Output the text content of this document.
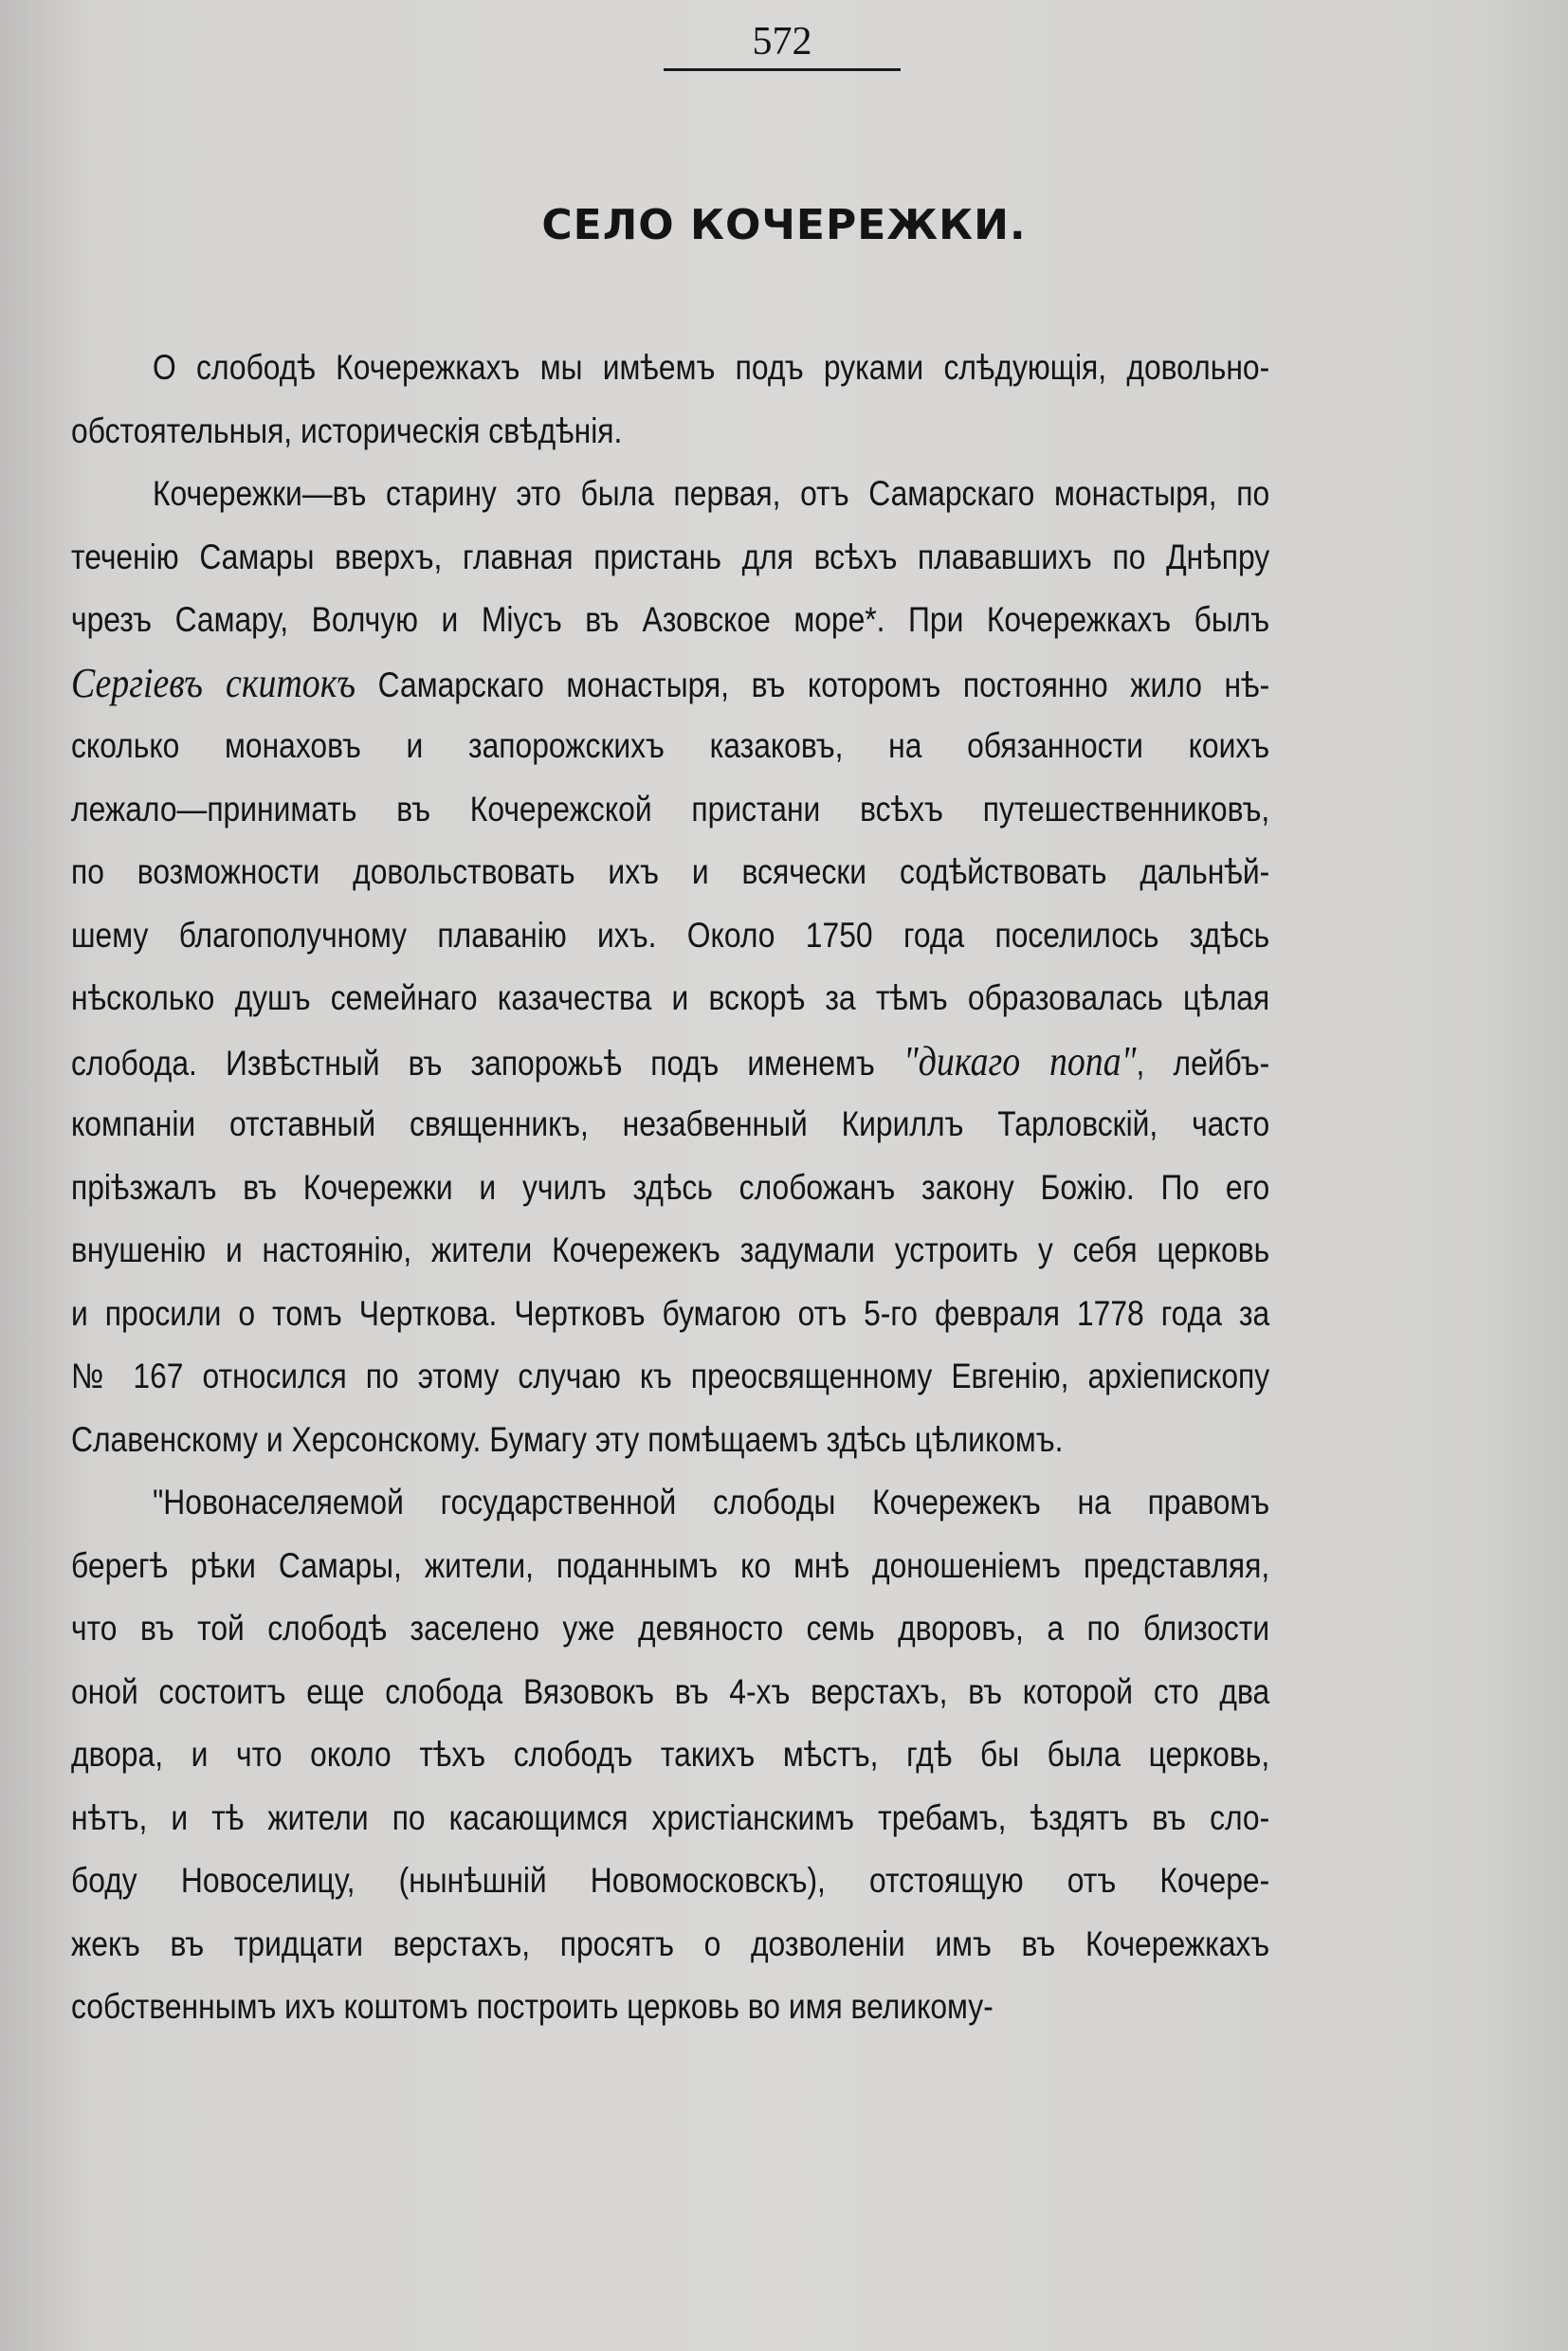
572
СЕЛО КОЧЕРЕЖКИ.
О слободѣ Кочережкахъ мы имѣемъ подъ руками слѣдующія, довольно-
обстоятельныя, историческія свѣдѣнія.
Кочережки—въ старину это была первая, отъ Самарскаго монастыря, по
теченію Самары вверхъ, главная пристань для всѣхъ плававшихъ по Днѣпру
чрезъ Самару, Волчую и Міусъ въ Азовское море*. При Кочережкахъ былъ
Сергіевъ скитокъ Самарскаго монастыря, въ которомъ постоянно жило нѣ-
сколько монаховъ и запорожскихъ казаковъ, на обязанности коихъ
лежало—принимать въ Кочережской пристани всѣхъ путешественниковъ,
по возможности довольствовать ихъ и всячески содѣйствовать дальнѣй-
шему благополучному плаванію ихъ. Около 1750 года поселилось здѣсь
нѣсколько душъ семейнаго казачества и вскорѣ за тѣмъ образовалась цѣлая
слобода. Извѣстный въ запорожьѣ подъ именемъ "дикаго попа", лейбъ-
компаніи отставный священникъ, незабвенный Кириллъ Тарловскій, часто
пріѣзжалъ въ Кочережки и училъ здѣсь слобожанъ закону Божію. По его
внушенію и настоянію, жители Кочережекъ задумали устроить у себя церковь
и просили о томъ Черткова. Чертковъ бумагою отъ 5-го февраля 1778 года за
№ 167 относился по этому случаю къ преосвященному Евгенію, архіепископу
Славенскому и Херсонскому. Бумагу эту помѣщаемъ здѣсь цѣликомъ.
"Новонаселяемой государственной слободы Кочережекъ на правомъ
берегѣ рѣки Самары, жители, поданнымъ ко мнѣ доношеніемъ представляя,
что въ той слободѣ заселено уже девяносто семь дворовъ, а по близости
оной состоитъ еще слобода Вязовокъ въ 4-хъ верстахъ, въ которой сто два
двора, и что около тѣхъ слободъ такихъ мѣстъ, гдѣ бы была церковь,
нѣтъ, и тѣ жители по касающимся христіанскимъ требамъ, ѣздятъ въ сло-
боду Новоселицу, (нынѣшній Новомосковскъ), отстоящую отъ Кочере-
жекъ въ тридцати верстахъ, просятъ о дозволеніи имъ въ Кочережкахъ
собственнымъ ихъ коштомъ построить церковь во имя великому-
